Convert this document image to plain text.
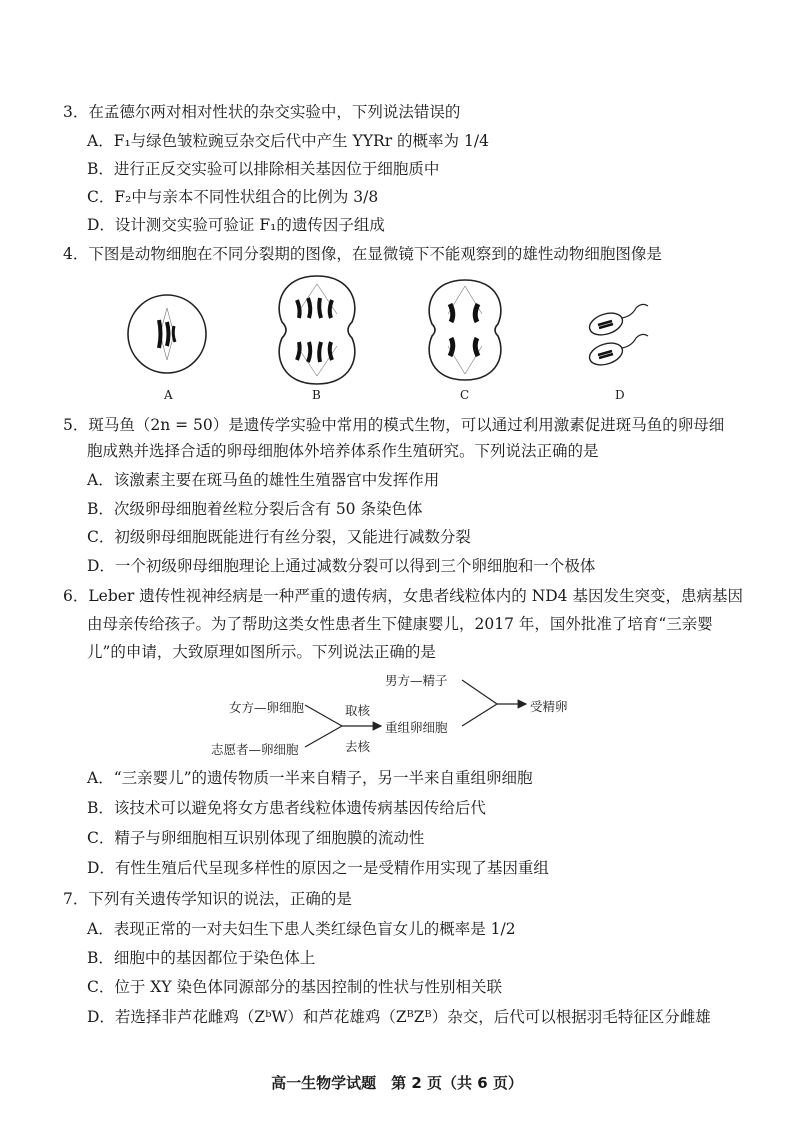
3．在孟德尔两对相对性状的杂交实验中，下列说法错误的
A．F₁与绿色皱粒豌豆杂交后代中产生 YYRr 的概率为 1/4
B．进行正反交实验可以排除相关基因位于细胞质中
C．F₂中与亲本不同性状组合的比例为 3/8
D．设计测交实验可验证 F₁的遗传因子组成
4．下图是动物细胞在不同分裂期的图像，在显微镜下不能观察到的雄性动物细胞图像是
A	B	C	D
5．斑马鱼（2n = 50）是遗传学实验中常用的模式生物，可以通过利用激素促进斑马鱼的卵母细
胞成熟并选择合适的卵母细胞体外培养体系作生殖研究。下列说法正确的是
A．该激素主要在斑马鱼的雄性生殖器官中发挥作用
B．次级卵母细胞着丝粒分裂后含有 50 条染色体
C．初级卵母细胞既能进行有丝分裂，又能进行减数分裂
D．一个初级卵母细胞理论上通过减数分裂可以得到三个卵细胞和一个极体
6．Leber 遗传性视神经病是一种严重的遗传病，女患者线粒体内的 ND4 基因发生突变，患病基因
由母亲传给孩子。为了帮助这类女性患者生下健康婴儿，2017 年，国外批准了培育“三亲婴
儿”的申请，大致原理如图所示。下列说法正确的是
男方—精子
女方—卵细胞	取核
重组卵细胞
受精卵
去核
志愿者—卵细胞
A．“三亲婴儿”的遗传物质一半来自精子，另一半来自重组卵细胞
B．该技术可以避免将女方患者线粒体遗传病基因传给后代
C．精子与卵细胞相互识别体现了细胞膜的流动性
D．有性生殖后代呈现多样性的原因之一是受精作用实现了基因重组
7．下列有关遗传学知识的说法，正确的是
A．表现正常的一对夫妇生下患人类红绿色盲女儿的概率是 1/2
B．细胞中的基因都位于染色体上
C．位于 XY 染色体同源部分的基因控制的性状与性别相关联
D．若选择非芦花雌鸡（ZᵇW）和芦花雄鸡（ZᴮZᴮ）杂交，后代可以根据羽毛特征区分雌雄
高一生物学试题　第 2 页（共 6 页）
